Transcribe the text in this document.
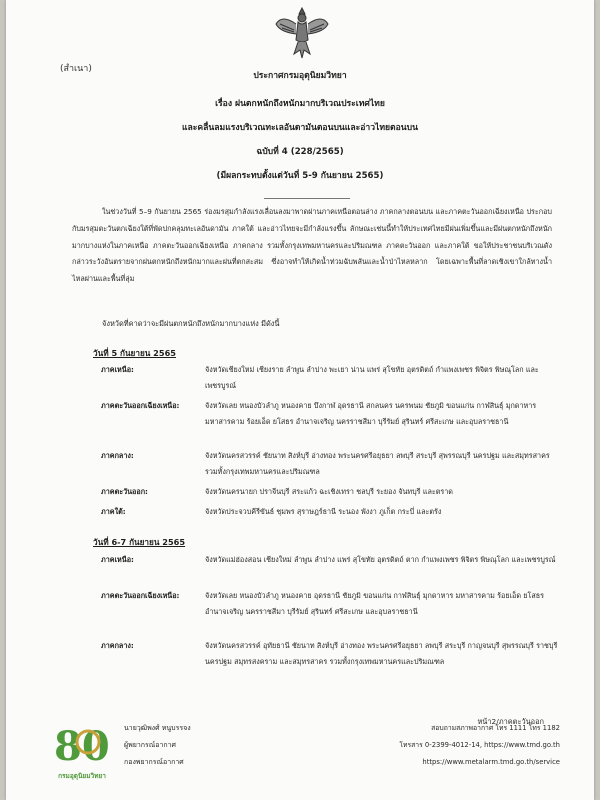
(สำเนา)
ประกาศกรมอุตุนิยมวิทยา
เรื่อง ฝนตกหนักถึงหนักมากบริเวณประเทศไทย
และคลื่นลมแรงบริเวณทะเลอันดามันตอนบนและอ่าวไทยตอนบน
ฉบับที่ 4 (228/2565)
(มีผลกระทบตั้งแต่วันที่ 5-9 กันยายน 2565)
ในช่วงวันที่ 5–9 กันยายน 2565 ร่องมรสุมกำลังแรงเลื่อนลงมาพาดผ่านภาคเหนือตอนล่าง ภาคกลางตอนบน และภาคตะวันออกเฉียงเหนือ ประกอบกับมรสุมตะวันตกเฉียงใต้ที่พัดปกคลุมทะเลอันดามัน ภาคใต้ และอ่าวไทยจะมีกำลังแรงขึ้น ลักษณะเช่นนี้ทำให้ประเทศไทยมีฝนเพิ่มขึ้นและมีฝนตกหนักถึงหนักมากบางแห่งในภาคเหนือ ภาคตะวันออกเฉียงเหนือ ภาคกลาง รวมทั้งกรุงเทพมหานครและปริมณฑล ภาคตะวันออก และภาคใต้ ขอให้ประชาชนบริเวณดังกล่าวระวังอันตรายจากฝนตกหนักถึงหนักมากและฝนที่ตกสะสม ซึ่งอาจทำให้เกิดน้ำท่วมฉับพลันและน้ำป่าไหลหลาก โดยเฉพาะพื้นที่ลาดเชิงเขาใกล้ทางน้ำไหลผ่านและพื้นที่ลุ่ม
จังหวัดที่คาดว่าจะมีฝนตกหนักถึงหนักมากบางแห่ง มีดังนี้
วันที่ 5 กันยายน 2565
ภาคเหนือ:	จังหวัดเชียงใหม่ เชียงราย ลำพูน ลำปาง พะเยา น่าน แพร่ สุโขทัย อุตรดิตถ์ กำแพงเพชร พิจิตร พิษณุโลก และเพชรบูรณ์
ภาคตะวันออกเฉียงเหนือ:	จังหวัดเลย หนองบัวลำภู หนองคาย บึงกาฬ อุดรธานี สกลนคร นครพนม ชัยภูมิ ขอนแก่น กาฬสินธุ์ มุกดาหาร มหาสารคาม ร้อยเอ็ด ยโสธร อำนาจเจริญ นครราชสีมา บุรีรัมย์ สุรินทร์ ศรีสะเกษ และอุบลราชธานี
ภาคกลาง:	จังหวัดนครสวรรค์ ชัยนาท สิงห์บุรี อ่างทอง พระนครศรีอยุธยา ลพบุรี สระบุรี สุพรรณบุรี นครปฐม และสมุทรสาคร รวมทั้งกรุงเทพมหานครและปริมณฑล
ภาคตะวันออก:	จังหวัดนครนายก ปราจีนบุรี สระแก้ว ฉะเชิงเทรา ชลบุรี ระยอง จันทบุรี และตราด
ภาคใต้:	จังหวัดประจวบคีรีขันธ์ ชุมพร สุราษฎร์ธานี ระนอง พังงา ภูเก็ต กระบี่ และตรัง
วันที่ 6-7 กันยายน 2565
ภาคเหนือ:	จังหวัดแม่ฮ่องสอน เชียงใหม่ ลำพูน ลำปาง แพร่ สุโขทัย อุตรดิตถ์ ตาก กำแพงเพชร พิจิตร พิษณุโลก และเพชรบูรณ์
ภาคตะวันออกเฉียงเหนือ:	จังหวัดเลย หนองบัวลำภู หนองคาย อุดรธานี ชัยภูมิ ขอนแก่น กาฬสินธุ์ มุกดาหาร มหาสารคาม ร้อยเอ็ด ยโสธร อำนาจเจริญ นครราชสีมา บุรีรัมย์ สุรินทร์ ศรีสะเกษ และอุบลราชธานี
ภาคกลาง:	จังหวัดนครสวรรค์ อุทัยธานี ชัยนาท สิงห์บุรี อ่างทอง พระนครศรีอยุธยา ลพบุรี สระบุรี กาญจนบุรี สุพรรณบุรี ราชบุรี นครปฐม สมุทรสงคราม และสมุทรสาคร รวมทั้งกรุงเทพมหานครและปริมณฑล
หน้า2/ภาคตะวันออก
80
กรมอุตุนิยมวิทยา
นายวุฒิพงศ์ หนูบรรจง
ผู้พยากรณ์อากาศ
กองพยากรณ์อากาศ
สอบถามสภาพอากาศ โทร 1111 โทร 1182
โทรสาร 0-2399-4012-14, https://www.tmd.go.th
https://www.metalarm.tmd.go.th/service
